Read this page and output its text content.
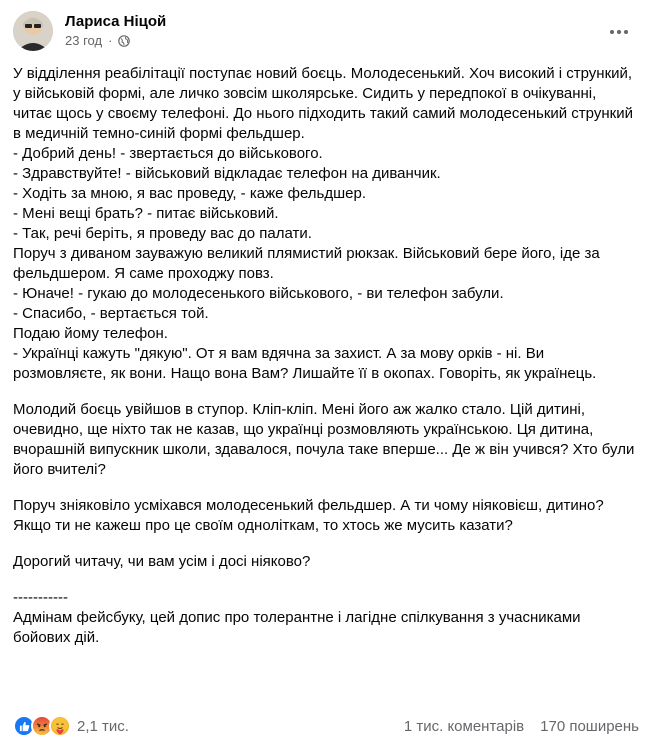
Лариса Ніцой
23 год ·

У відділення реабілітації поступає новий боєць. Молодесенький. Хоч високий і стрункий, у військовій формі, але личко зовсім школярське. Сидить у передпокої в очікуванні, читає щось у своєму телефоні. До нього підходить такий самий молодесенький стрункий в медичній темно-синій формі фельдшер.

- Добрий день! - звертається до військового.

- Здравствуйте! - військовий відкладає телефон на диванчик.

- Ходіть за мною, я вас проведу, - каже фельдшер.

- Мені вещі брать? - питає військовий.

- Так, речі беріть, я проведу вас до палати.

Поруч з диваном зауважую великий плямистий рюкзак. Військовий бере його, іде за фельдшером. Я саме проходжу повз.

- Юначе! - гукаю до молодесенького військового, - ви телефон забули.

- Спасибо, - вертається той.

Подаю йому телефон.

- Українці кажуть "дякую". От я вам вдячна за захист. А за мову орків - ні. Ви розмовляєте, як вони. Нащо вона Вам? Лишайте її в окопах. Говоріть, як українець.

Молодий боєць увійшов в ступор. Кліп-кліп. Мені його аж жалко стало. Цій дитині, очевидно, ще ніхто так не казав, що українці розмовляють українською. Ця дитина, вчорашній випускник школи, здавалося, почула таке вперше... Де ж він учився? Хто були його вчителі?

Поруч зніяковіло усміхався молодесенький фельдшер. А ти чому ніяковієш, дитино? Якщо ти не кажеш про це своїм одноліткам, то хтось же мусить казати?

Дорогий читачу, чи вам усім і досі ніяково?

-----------

Адмінам фейсбуку, цей допис про толерантне і лагідне спілкування з учасниками бойових дій.

2,1 тис.	1 тис. коментарів 170 поширень
